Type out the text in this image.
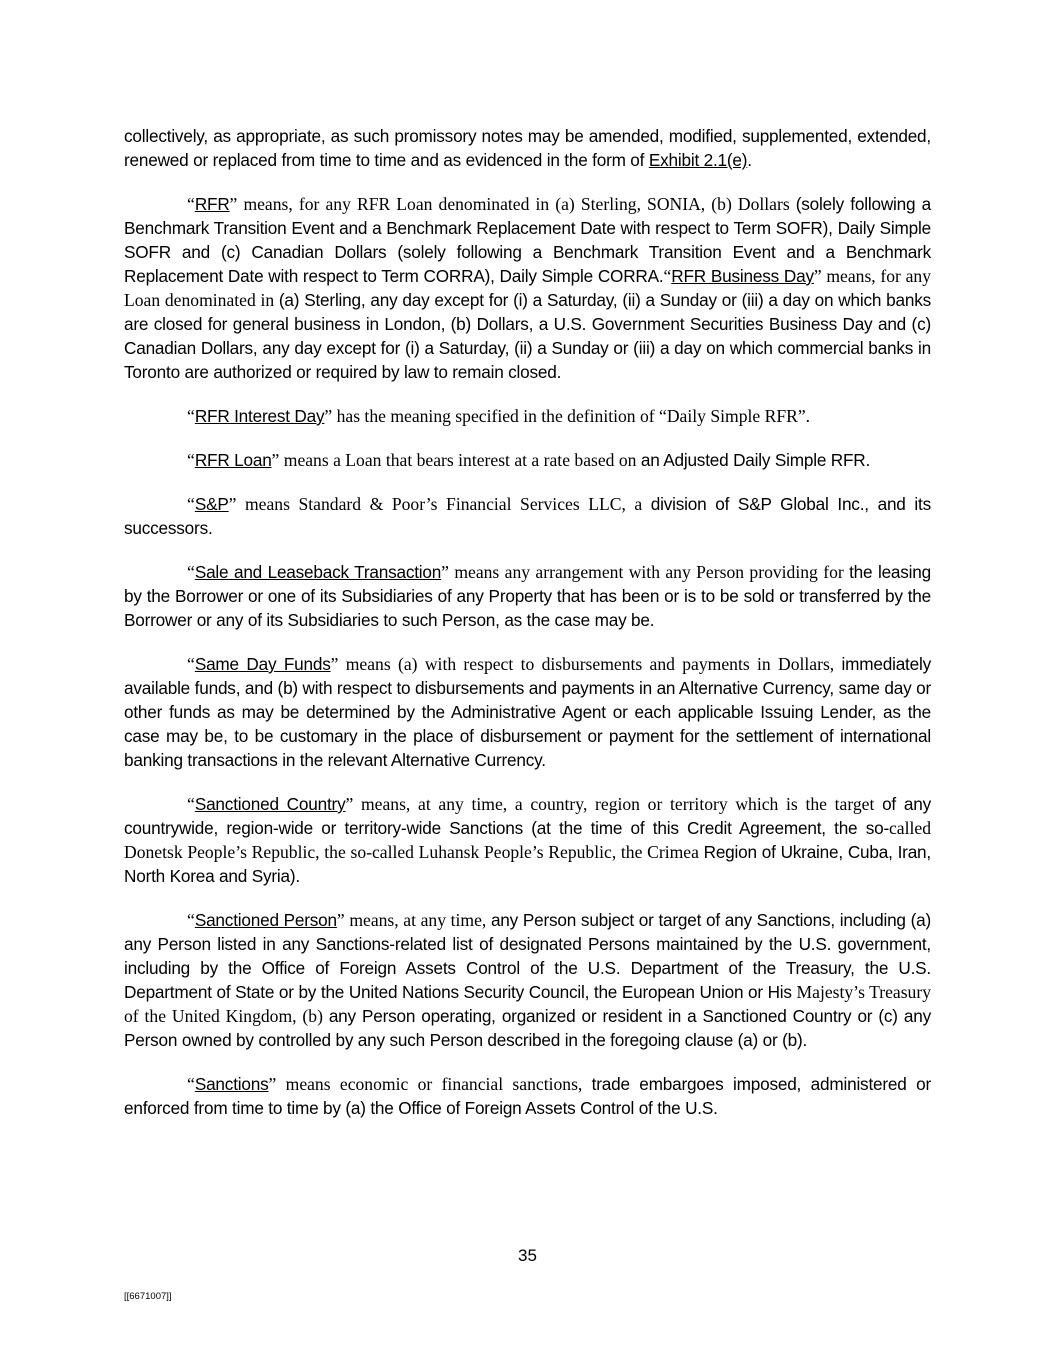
collectively, as appropriate, as such promissory notes may be amended, modified, supplemented, extended, renewed or replaced from time to time and as evidenced in the form of Exhibit 2.1(e).

“RFR” means, for any RFR Loan denominated in (a) Sterling, SONIA, (b) Dollars (solely following a Benchmark Transition Event and a Benchmark Replacement Date with respect to Term SOFR), Daily Simple SOFR and (c) Canadian Dollars (solely following a Benchmark Transition Event and a Benchmark Replacement Date with respect to Term CORRA), Daily Simple CORRA.“RFR Business Day” means, for any Loan denominated in (a) Sterling, any day except for (i) a Saturday, (ii) a Sunday or (iii) a day on which banks are closed for general business in London, (b) Dollars, a U.S. Government Securities Business Day and (c) Canadian Dollars, any day except for (i) a Saturday, (ii) a Sunday or (iii) a day on which commercial banks in Toronto are authorized or required by law to remain closed.

“RFR Interest Day” has the meaning specified in the definition of “Daily Simple RFR”.

“RFR Loan” means a Loan that bears interest at a rate based on an Adjusted Daily Simple RFR.

“S&P” means Standard & Poor’s Financial Services LLC, a division of S&P Global Inc., and its successors.

“Sale and Leaseback Transaction” means any arrangement with any Person providing for the leasing by the Borrower or one of its Subsidiaries of any Property that has been or is to be sold or transferred by the Borrower or any of its Subsidiaries to such Person, as the case may be.

“Same Day Funds” means (a) with respect to disbursements and payments in Dollars, immediately available funds, and (b) with respect to disbursements and payments in an Alternative Currency, same day or other funds as may be determined by the Administrative Agent or each applicable Issuing Lender, as the case may be, to be customary in the place of disbursement or payment for the settlement of international banking transactions in the relevant Alternative Currency.

“Sanctioned Country” means, at any time, a country, region or territory which is the target of any countrywide, region-wide or territory-wide Sanctions (at the time of this Credit Agreement, the so-called Donetsk People’s Republic, the so-called Luhansk People’s Republic, the Crimea Region of Ukraine, Cuba, Iran, North Korea and Syria).

“Sanctioned Person” means, at any time, any Person subject or target of any Sanctions, including (a) any Person listed in any Sanctions-related list of designated Persons maintained by the U.S. government, including by the Office of Foreign Assets Control of the U.S. Department of the Treasury, the U.S. Department of State or by the United Nations Security Council, the European Union or His Majesty’s Treasury of the United Kingdom, (b) any Person operating, organized or resident in a Sanctioned Country or (c) any Person owned by controlled by any such Person described in the foregoing clause (a) or (b).

“Sanctions” means economic or financial sanctions, trade embargoes imposed, administered or enforced from time to time by (a) the Office of Foreign Assets Control of the U.S.

35
[[6671007]]
